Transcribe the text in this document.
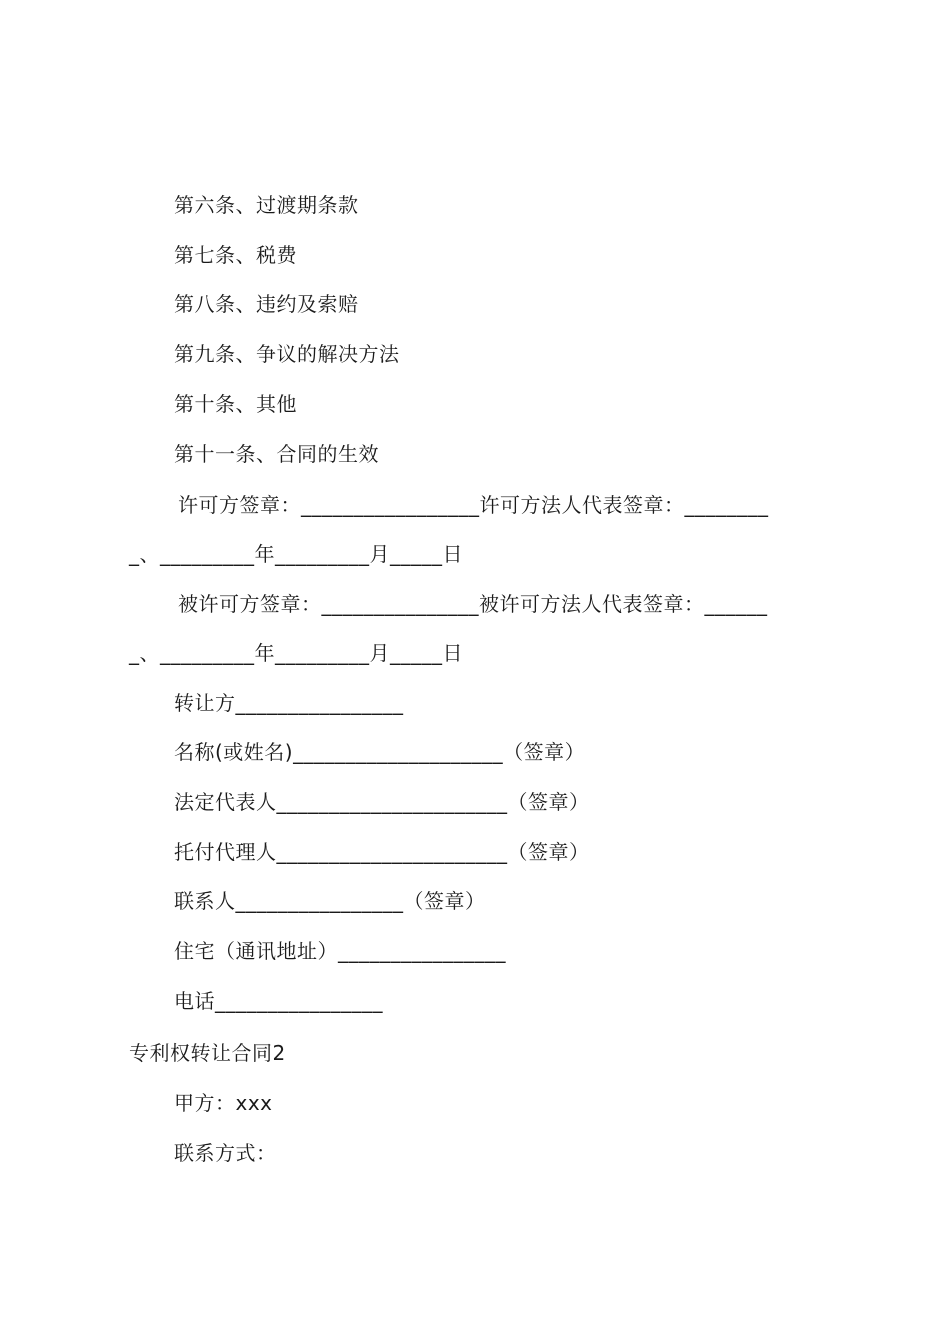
第六条、过渡期条款
第七条、税费
第八条、违约及索赔
第九条、争议的解决方法
第十条、其他
第十一条、合同的生效
许可方签章：_________________许可方法人代表签章：________
_、_________年_________月_____日
被许可方签章：_______________被许可方法人代表签章：______
_、_________年_________月_____日
转让方________________
名称(或姓名)____________________（签章）
法定代表人______________________（签章）
托付代理人______________________（签章）
联系人________________（签章）
住宅（通讯地址）________________
电话________________
专利权转让合同2
甲方：xxx
联系方式：
